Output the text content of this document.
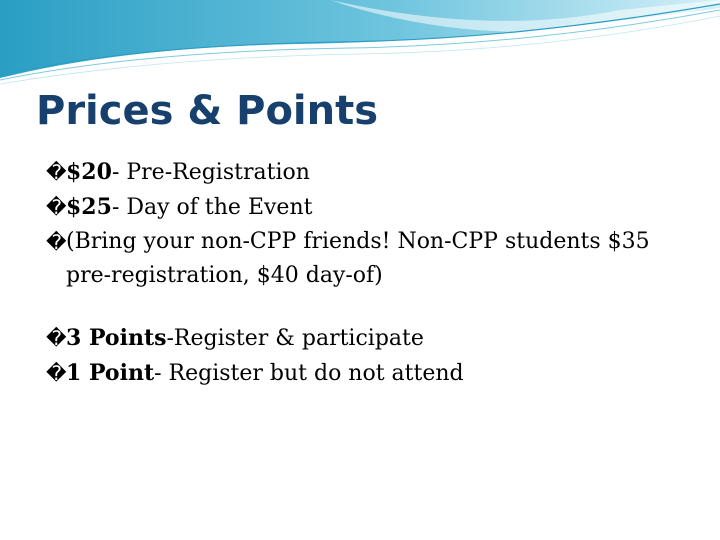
Prices & Points

� $20- Pre-Registration

� $25- Day of the Event

� (Bring your non-CPP friends! Non-CPP students $35 pre-registration, $40 day-of)

� 3 Points-Register & participate

� 1 Point- Register but do not attend
